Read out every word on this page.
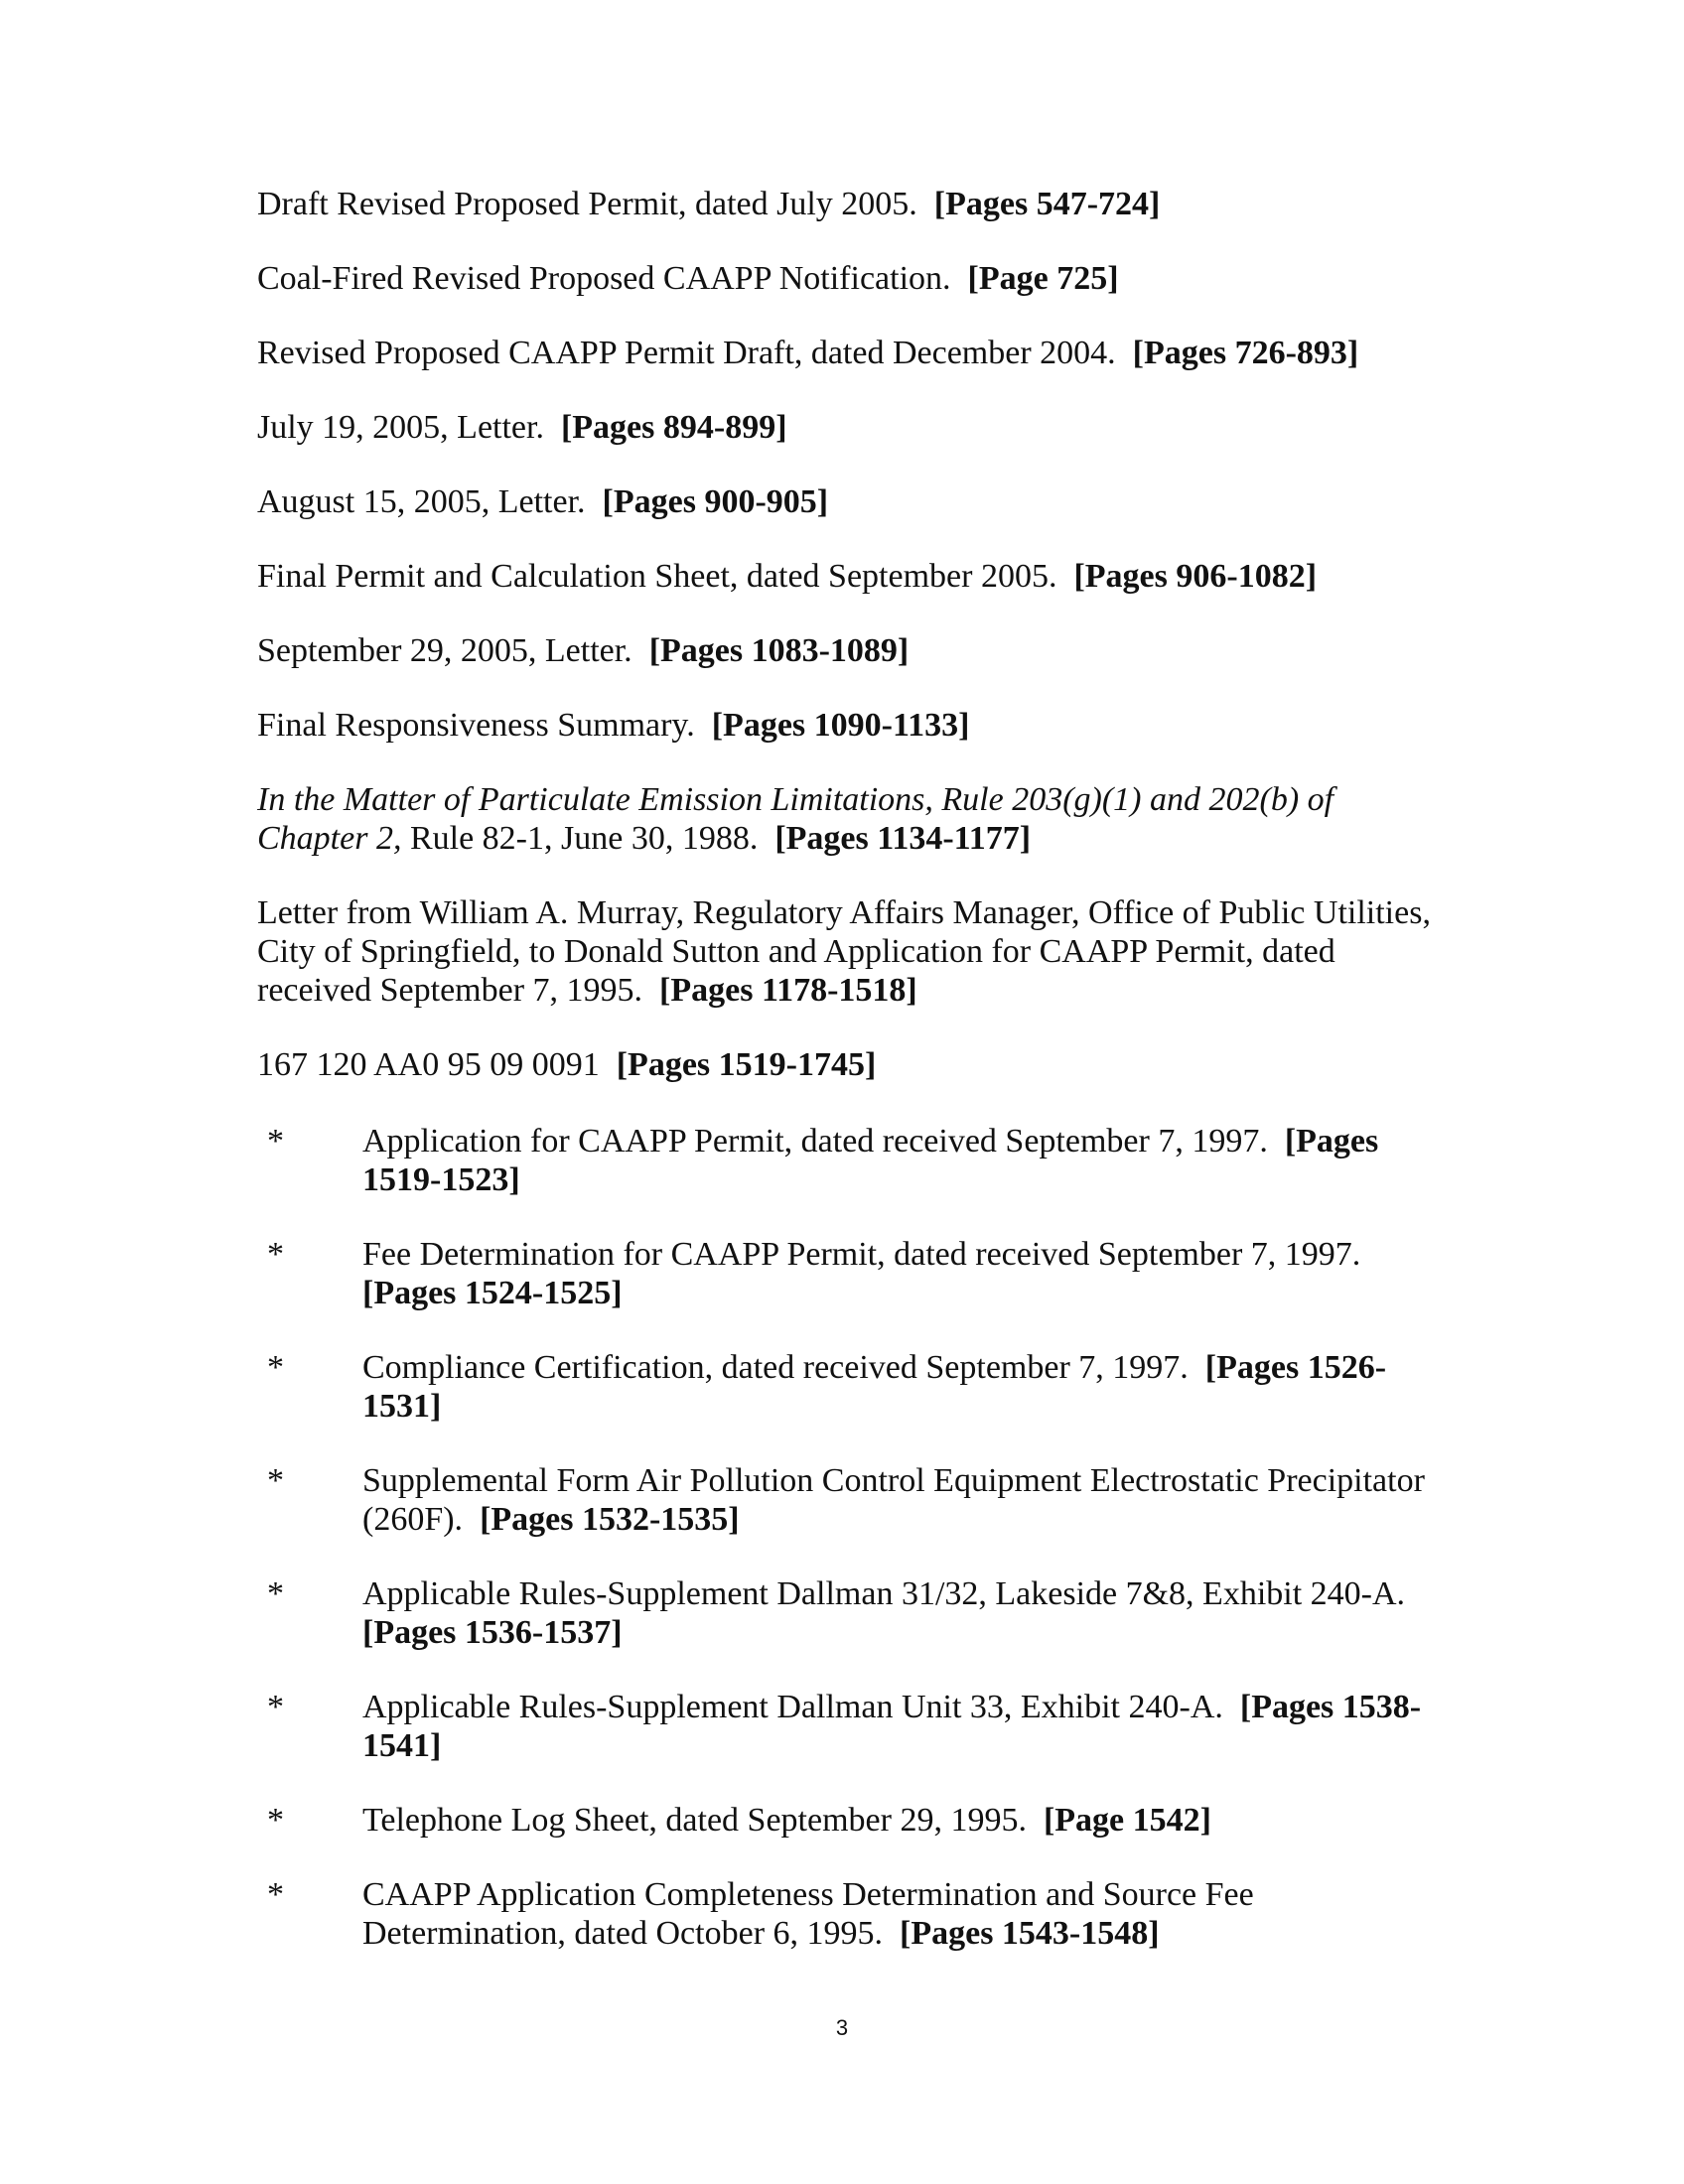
Draft Revised Proposed Permit, dated July 2005. [Pages 547-724]

Coal-Fired Revised Proposed CAAPP Notification. [Page 725]

Revised Proposed CAAPP Permit Draft, dated December 2004. [Pages 726-893]

July 19, 2005, Letter. [Pages 894-899]

August 15, 2005, Letter. [Pages 900-905]

Final Permit and Calculation Sheet, dated September 2005. [Pages 906-1082]

September 29, 2005, Letter. [Pages 1083-1089]

Final Responsiveness Summary. [Pages 1090-1133]

In the Matter of Particulate Emission Limitations, Rule 203(g)(1) and 202(b) of Chapter 2, Rule 82-1, June 30, 1988. [Pages 1134-1177]

Letter from William A. Murray, Regulatory Affairs Manager, Office of Public Utilities, City of Springfield, to Donald Sutton and Application for CAAPP Permit, dated received September 7, 1995. [Pages 1178-1518]

167 120 AA0 95 09 0091 [Pages 1519-1745]

*	Application for CAAPP Permit, dated received September 7, 1997. [Pages 1519-1523]
*	Fee Determination for CAAPP Permit, dated received September 7, 1997.  [Pages 1524-1525]
*	Compliance Certification, dated received September 7, 1997. [Pages 1526-1531]
*	Supplemental Form Air Pollution Control Equipment Electrostatic Precipitator (260F). [Pages 1532-1535]
*	Applicable Rules-Supplement Dallman 31/32, Lakeside 7&8, Exhibit 240-A.  [Pages 1536-1537]
*	Applicable Rules-Supplement Dallman Unit 33, Exhibit 240-A. [Pages 1538-1541]
*	Telephone Log Sheet, dated September 29, 1995. [Page 1542]
*	CAAPP Application Completeness Determination and Source Fee Determination, dated October 6, 1995. [Pages 1543-1548]
3
